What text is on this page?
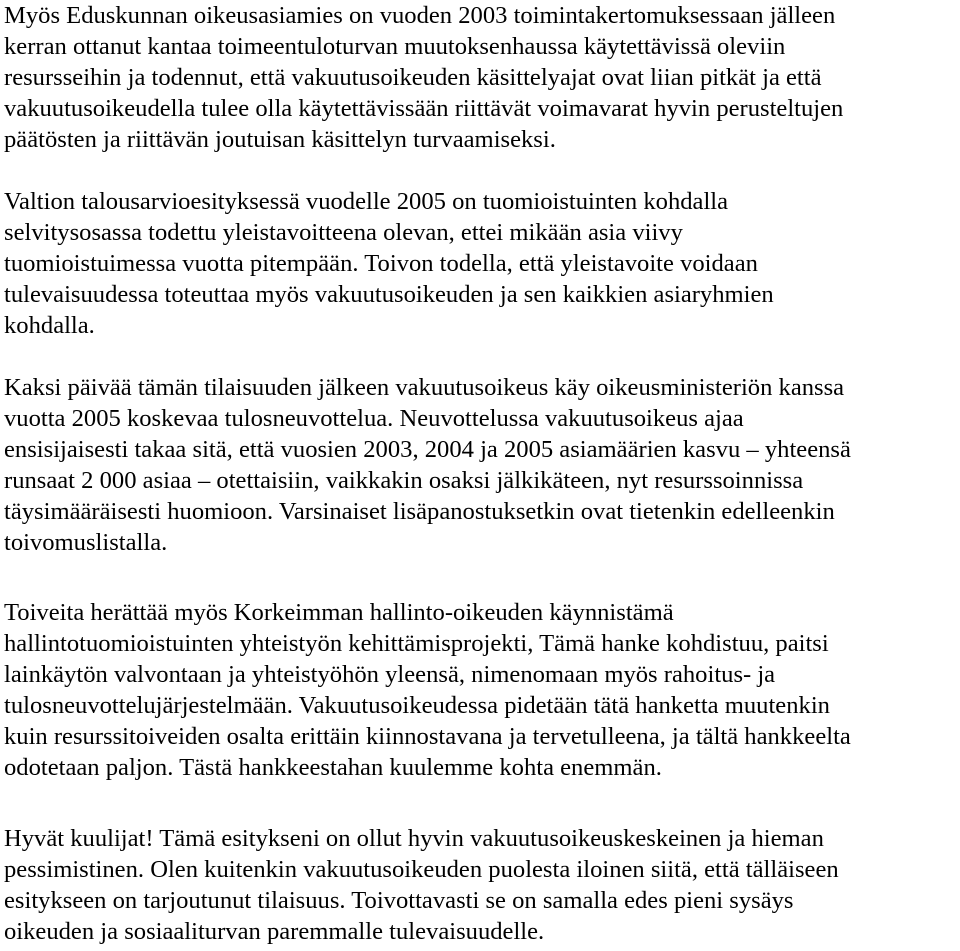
Myös Eduskunnan oikeusasiamies on vuoden 2003 toimintakertomuksessaan jälleen
kerran ottanut kantaa toimeentuloturvan muutoksenhaussa käytettävissä oleviin
resursseihin ja todennut, että vakuutusoikeuden käsittelyajat ovat liian pitkät ja että
vakuutusoikeudella tulee olla käytettävissään riittävät voimavarat hyvin perusteltujen
päätösten ja riittävän joutuisan käsittelyn turvaamiseksi.

Valtion talousarvioesityksessä vuodelle 2005 on tuomioistuinten kohdalla
selvitysosassa todettu yleistavoitteena olevan, ettei mikään asia viivy
tuomioistuimessa vuotta pitempään. Toivon todella, että yleistavoite voidaan
tulevaisuudessa toteuttaa myös vakuutusoikeuden ja sen kaikkien asiaryhmien
kohdalla.

Kaksi päivää tämän tilaisuuden jälkeen vakuutusoikeus käy oikeusministeriön kanssa
vuotta 2005 koskevaa tulosneuvottelua. Neuvottelussa vakuutusoikeus ajaa
ensisijaisesti takaa sitä, että vuosien 2003, 2004 ja 2005 asiamäärien kasvu – yhteensä
runsaat 2 000 asiaa – otettaisiin, vaikkakin osaksi jälkikäteen, nyt resurssoinnissa
täysimääräisesti huomioon. Varsinaiset lisäpanostuksetkin ovat tietenkin edelleenkin
toivomuslistalla.

Toiveita herättää myös Korkeimman hallinto-oikeuden käynnistämä
hallintotuomioistuinten yhteistyön kehittämisprojekti, Tämä hanke kohdistuu, paitsi
lainkäytön valvontaan ja yhteistyöhön yleensä, nimenomaan myös rahoitus- ja
tulosneuvottelujärjestelmään. Vakuutusoikeudessa pidetään tätä hanketta muutenkin
kuin resurssitoiveiden osalta erittäin kiinnostavana ja tervetulleena, ja tältä hankkeelta
odotetaan paljon. Tästä hankkeestahan kuulemme kohta enemmän.

Hyvät kuulijat! Tämä esitykseni on ollut hyvin vakuutusoikeuskeskeinen ja hieman
pessimistinen. Olen kuitenkin vakuutusoikeuden puolesta iloinen siitä, että tälläiseen
esitykseen on tarjoutunut tilaisuus. Toivottavasti se on samalla edes pieni sysäys
oikeuden ja sosiaaliturvan paremmalle tulevaisuudelle.
